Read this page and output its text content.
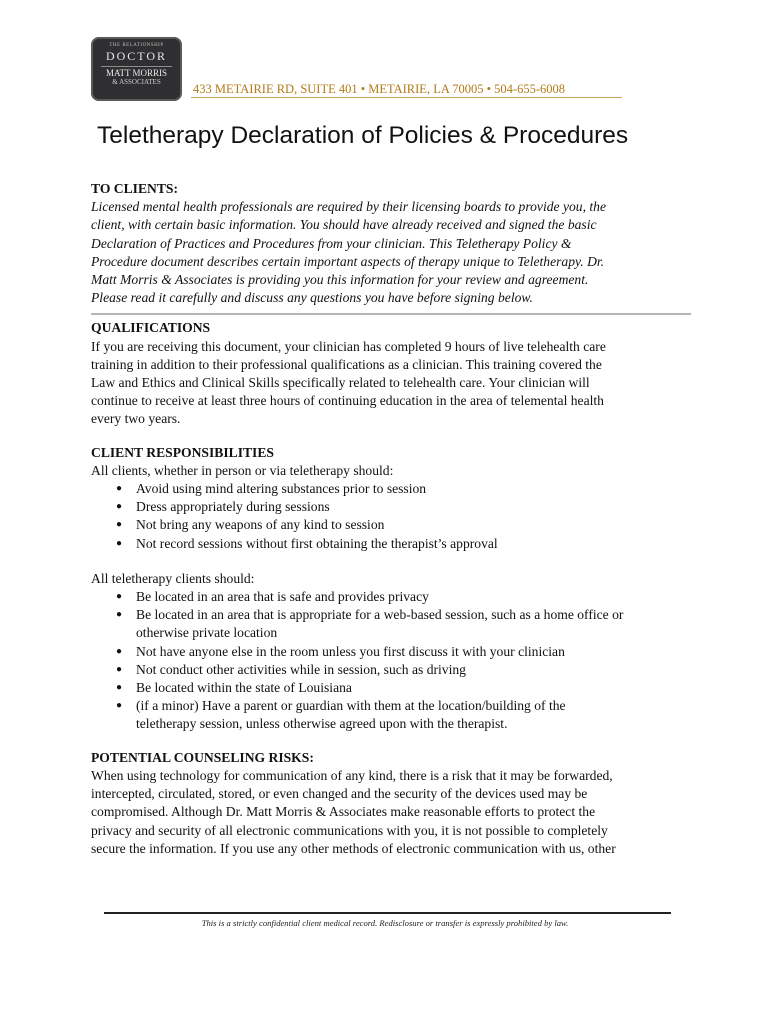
THE RELATIONSHIP
DOCTOR
MATT MORRIS
& ASSOCIATES	433 METAIRIE RD, SUITE 401 • METAIRIE, LA 70005 • 504-655-6008
Teletherapy Declaration of Policies & Procedures

TO CLIENTS:

Licensed mental health professionals are required by their licensing boards to provide you, the
client, with certain basic information. You should have already received and signed the basic
Declaration of Practices and Procedures from your clinician. This Teletherapy Policy &
Procedure document describes certain important aspects of therapy unique to Teletherapy. Dr.
Matt Morris & Associates is providing you this information for your review and agreement.
Please read it carefully and discuss any questions you have before signing below.

QUALIFICATIONS

If you are receiving this document, your clinician has completed 9 hours of live telehealth care
training in addition to their professional qualifications as a clinician. This training covered the
Law and Ethics and Clinical Skills specifically related to telehealth care. Your clinician will
continue to receive at least three hours of continuing education in the area of telemental health
every two years.

CLIENT RESPONSIBILITIES

All clients, whether in person or via teletherapy should:

● Avoid using mind altering substances prior to session
● Dress appropriately during sessions
● Not bring any weapons of any kind to session
● Not record sessions without first obtaining the therapist’s approval

All teletherapy clients should:

● Be located in an area that is safe and provides privacy
● Be located in an area that is appropriate for a web-based session, such as a home office or
otherwise private location
● Not have anyone else in the room unless you first discuss it with your clinician
● Not conduct other activities while in session, such as driving
● Be located within the state of Louisiana
● (if a minor) Have a parent or guardian with them at the location/building of the
teletherapy session, unless otherwise agreed upon with the therapist.

POTENTIAL COUNSELING RISKS:

When using technology for communication of any kind, there is a risk that it may be forwarded,
intercepted, circulated, stored, or even changed and the security of the devices used may be
compromised. Although Dr. Matt Morris & Associates make reasonable efforts to protect the
privacy and security of all electronic communications with you, it is not possible to completely
secure the information. If you use any other methods of electronic communication with us, other
This is a strictly confidential client medical record. Redisclosure or transfer is expressly prohibited by law.
